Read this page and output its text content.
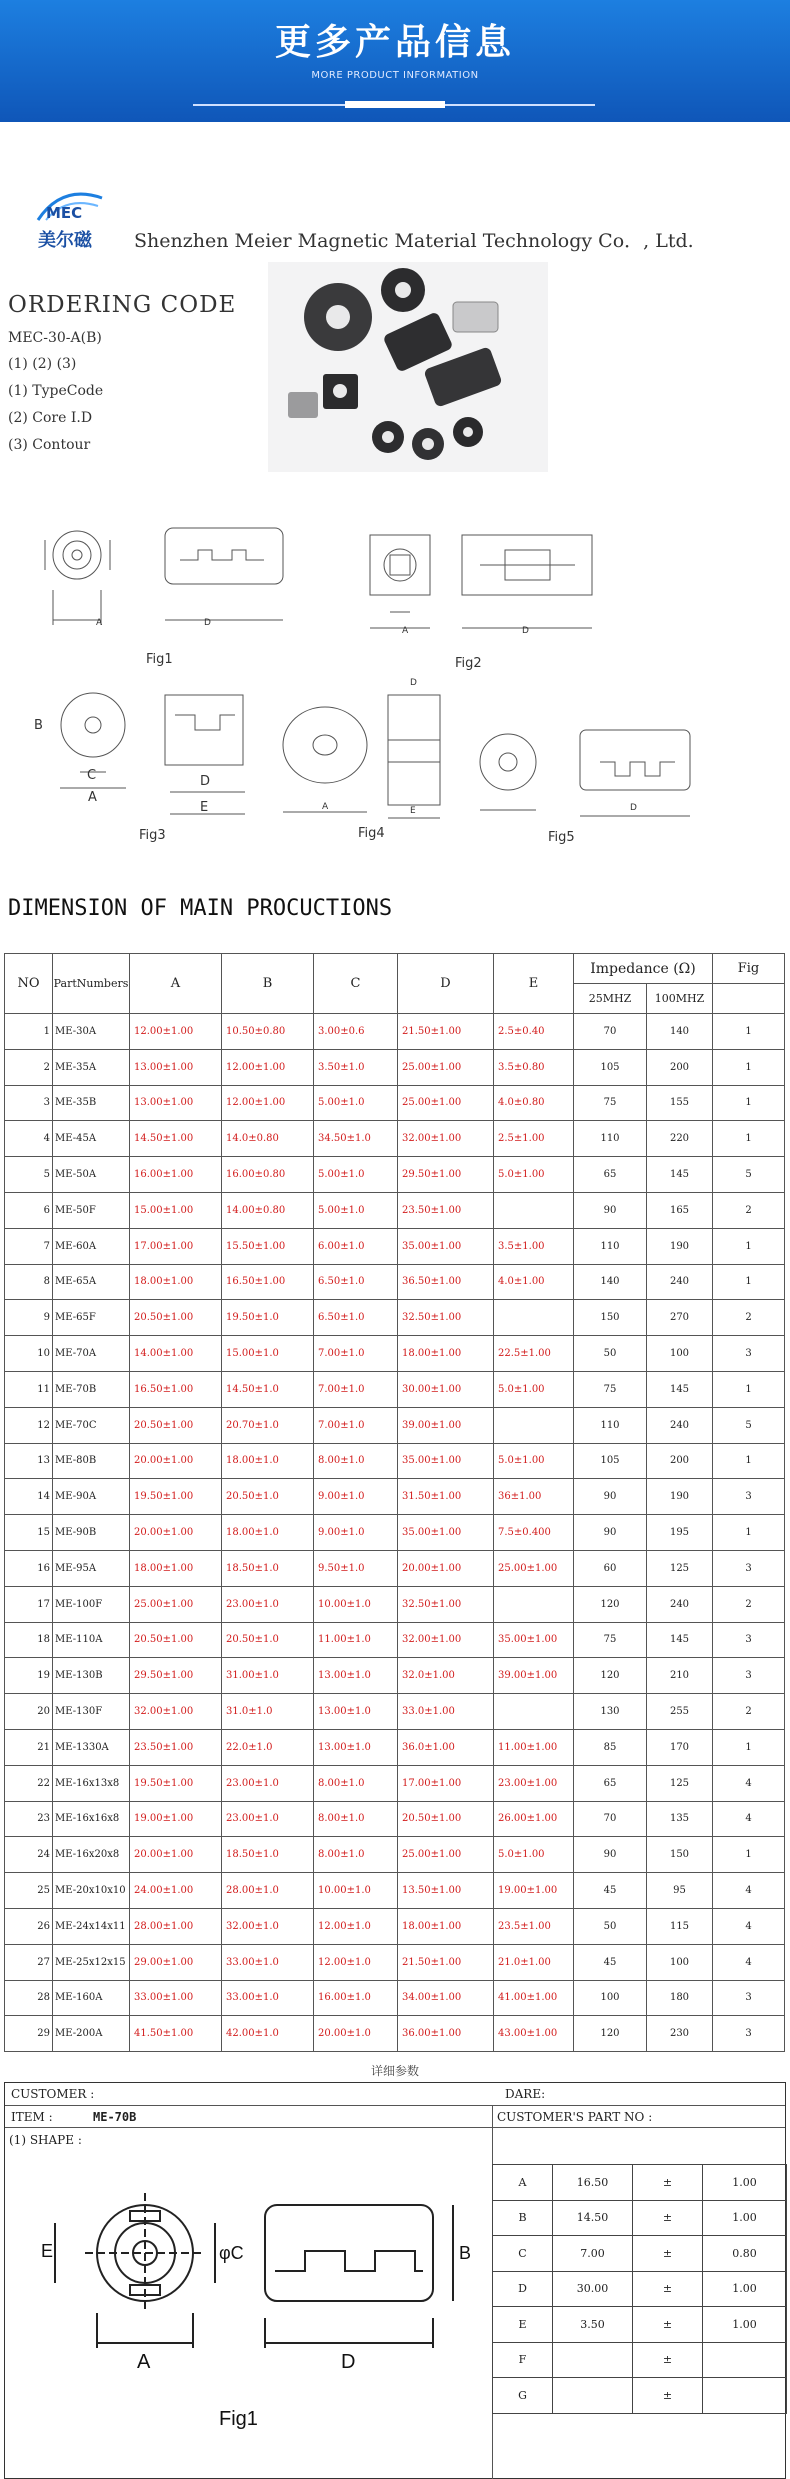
更多产品信息
MORE PRODUCT INFORMATION
MEC
美尔磁 Shenzhen Meier Magnetic Material Technology Co．, Ltd.
ORDERING CODE
MEC-30-A(B)
(1) (2) (3)
(1) TypeCode
(2) Core I.D
(3) Contour
Fig1	Fig2
Fig3	Fig4	Fig5
A	D
A	D
B
C
A
D
E	A	E
D
D
DIMENSION OF MAIN PROCUCTIONS
NO	PartNumbers	A	B	C	D	E	Impedance (Ω)		Fig
							25MHZ	100MHZ	
1	ME-30A	12.00±1.00	10.50±0.80	3.00±0.6	21.50±1.00	2.5±0.40	70	140	1
2	ME-35A	13.00±1.00	12.00±1.00	3.50±1.0	25.00±1.00	3.5±0.80	105	200	1
3	ME-35B	13.00±1.00	12.00±1.00	5.00±1.0	25.00±1.00	4.0±0.80	75	155	1
4	ME-45A	14.50±1.00	14.0±0.80	34.50±1.0	32.00±1.00	2.5±1.00	110	220	1
5	ME-50A	16.00±1.00	16.00±0.80	5.00±1.0	29.50±1.00	5.0±1.00	65	145	5
6	ME-50F	15.00±1.00	14.00±0.80	5.00±1.0	23.50±1.00		90	165	2
7	ME-60A	17.00±1.00	15.50±1.00	6.00±1.0	35.00±1.00	3.5±1.00	110	190	1
8	ME-65A	18.00±1.00	16.50±1.00	6.50±1.0	36.50±1.00	4.0±1.00	140	240	1
9	ME-65F	20.50±1.00	19.50±1.0	6.50±1.0	32.50±1.00		150	270	2
10	ME-70A	14.00±1.00	15.00±1.0	7.00±1.0	18.00±1.00	22.5±1.00	50	100	3
11	ME-70B	16.50±1.00	14.50±1.0	7.00±1.0	30.00±1.00	5.0±1.00	75	145	1
12	ME-70C	20.50±1.00	20.70±1.0	7.00±1.0	39.00±1.00		110	240	5
13	ME-80B	20.00±1.00	18.00±1.0	8.00±1.0	35.00±1.00	5.0±1.00	105	200	1
14	ME-90A	19.50±1.00	20.50±1.0	9.00±1.0	31.50±1.00	36±1.00	90	190	3
15	ME-90B	20.00±1.00	18.00±1.0	9.00±1.0	35.00±1.00	7.5±0.400	90	195	1
16	ME-95A	18.00±1.00	18.50±1.0	9.50±1.0	20.00±1.00	25.00±1.00	60	125	3
17	ME-100F	25.00±1.00	23.00±1.0	10.00±1.0	32.50±1.00		120	240	2
18	ME-110A	20.50±1.00	20.50±1.0	11.00±1.0	32.00±1.00	35.00±1.00	75	145	3
19	ME-130B	29.50±1.00	31.00±1.0	13.00±1.0	32.0±1.00	39.00±1.00	120	210	3
20	ME-130F	32.00±1.00	31.0±1.0	13.00±1.0	33.0±1.00		130	255	2
21	ME-1330A	23.50±1.00	22.0±1.0	13.00±1.0	36.0±1.00	11.00±1.00	85	170	1
22	ME-16x13x8	19.50±1.00	23.00±1.0	8.00±1.0	17.00±1.00	23.00±1.00	65	125	4
23	ME-16x16x8	19.00±1.00	23.00±1.0	8.00±1.0	20.50±1.00	26.00±1.00	70	135	4
24	ME-16x20x8	20.00±1.00	18.50±1.0	8.00±1.0	25.00±1.00	5.0±1.00	90	150	1
25	ME-20x10x10	24.00±1.00	28.00±1.0	10.00±1.0	13.50±1.00	19.00±1.00	45	95	4
26	ME-24x14x11	28.00±1.00	32.00±1.0	12.00±1.0	18.00±1.00	23.5±1.00	50	115	4
27	ME-25x12x15	29.00±1.00	33.00±1.0	12.00±1.0	21.50±1.00	21.0±1.00	45	100	4
28	ME-160A	33.00±1.00	33.00±1.0	16.00±1.0	34.00±1.00	41.00±1.00	100	180	3
29	ME-200A	41.50±1.00	42.00±1.0	20.00±1.0	36.00±1.00	43.00±1.00	120	230	3
详细参数
CUSTOMER :
ITEM :	ME-70B
DARE:
CUSTOMER'S PART NO :
(1) SHAPE :
E	φC
A	D
B
Fig1
A	16.50	±	1.00
B	14.50	±	1.00
C	7.00	±	0.80
D	30.00	±	1.00
E	3.50	±	1.00
F		±	
G		±	
